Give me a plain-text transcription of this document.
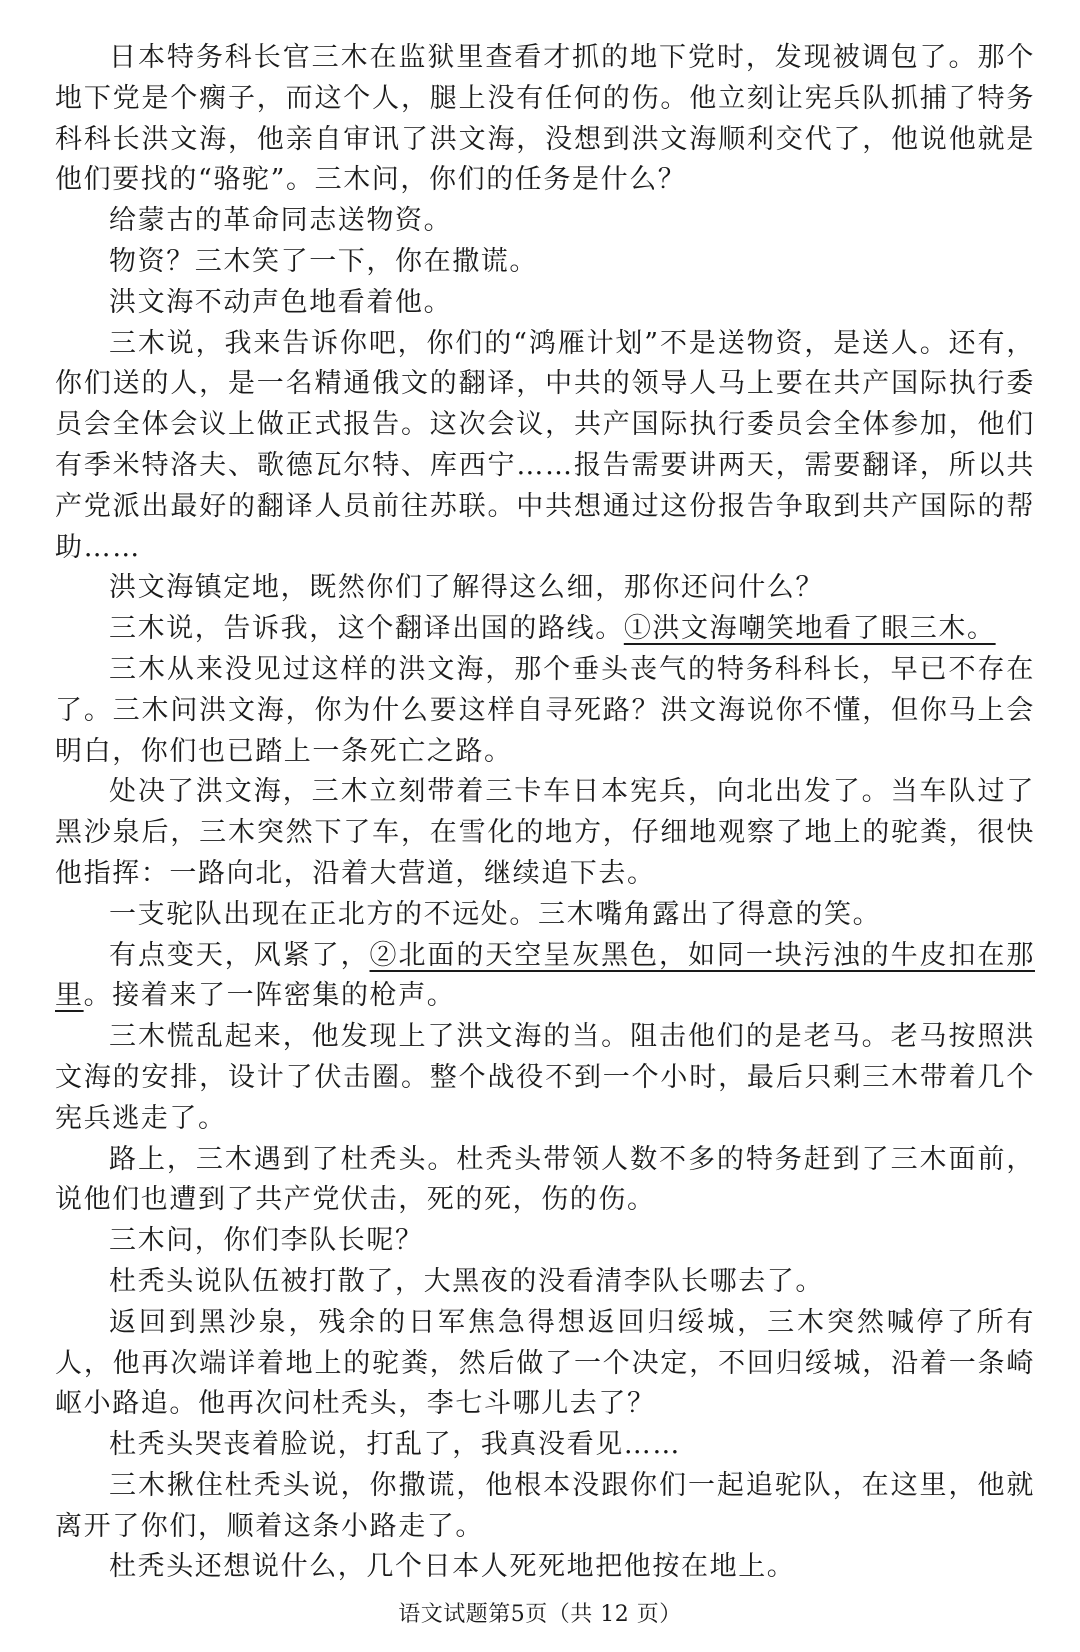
日本特务科长官三木在监狱里查看才抓的地下党时，发现被调包了。那个地下党是个瘸子，而这个人，腿上没有任何的伤。他立刻让宪兵队抓捕了特务科科长洪文海，他亲自审讯了洪文海，没想到洪文海顺利交代了，他说他就是他们要找的“骆驼”。三木问，你们的任务是什么？

给蒙古的革命同志送物资。

物资？三木笑了一下，你在撒谎。

洪文海不动声色地看着他。

三木说，我来告诉你吧，你们的“鸿雁计划”不是送物资，是送人。还有，你们送的人，是一名精通俄文的翻译，中共的领导人马上要在共产国际执行委员会全体会议上做正式报告。这次会议，共产国际执行委员会全体参加，他们有季米特洛夫、歌德瓦尔特、库西宁……报告需要讲两天，需要翻译，所以共产党派出最好的翻译人员前往苏联。中共想通过这份报告争取到共产国际的帮助……

洪文海镇定地，既然你们了解得这么细，那你还问什么？

三木说，告诉我，这个翻译出国的路线。①洪文海嘲笑地看了眼三木。

三木从来没见过这样的洪文海，那个垂头丧气的特务科科长，早已不存在了。三木问洪文海，你为什么要这样自寻死路？洪文海说你不懂，但你马上会明白，你们也已踏上一条死亡之路。

处决了洪文海，三木立刻带着三卡车日本宪兵，向北出发了。当车队过了黑沙泉后，三木突然下了车，在雪化的地方，仔细地观察了地上的驼粪，很快他指挥：一路向北，沿着大营道，继续追下去。

一支驼队出现在正北方的不远处。三木嘴角露出了得意的笑。

有点变天，风紧了，②北面的天空呈灰黑色，如同一块污浊的牛皮扣在那里。接着来了一阵密集的枪声。

三木慌乱起来，他发现上了洪文海的当。阻击他们的是老马。老马按照洪文海的安排，设计了伏击圈。整个战役不到一个小时，最后只剩三木带着几个宪兵逃走了。

路上，三木遇到了杜秃头。杜秃头带领人数不多的特务赶到了三木面前，说他们也遭到了共产党伏击，死的死，伤的伤。

三木问，你们李队长呢？

杜秃头说队伍被打散了，大黑夜的没看清李队长哪去了。

返回到黑沙泉，残余的日军焦急得想返回归绥城，三木突然喊停了所有人，他再次端详着地上的驼粪，然后做了一个决定，不回归绥城，沿着一条崎岖小路追。他再次问杜秃头，李七斗哪儿去了？

杜秃头哭丧着脸说，打乱了，我真没看见……

三木揪住杜秃头说，你撒谎，他根本没跟你们一起追驼队，在这里，他就离开了你们，顺着这条小路走了。

杜秃头还想说什么，几个日本人死死地把他按在地上。

语文试题第5页（共 12 页）
